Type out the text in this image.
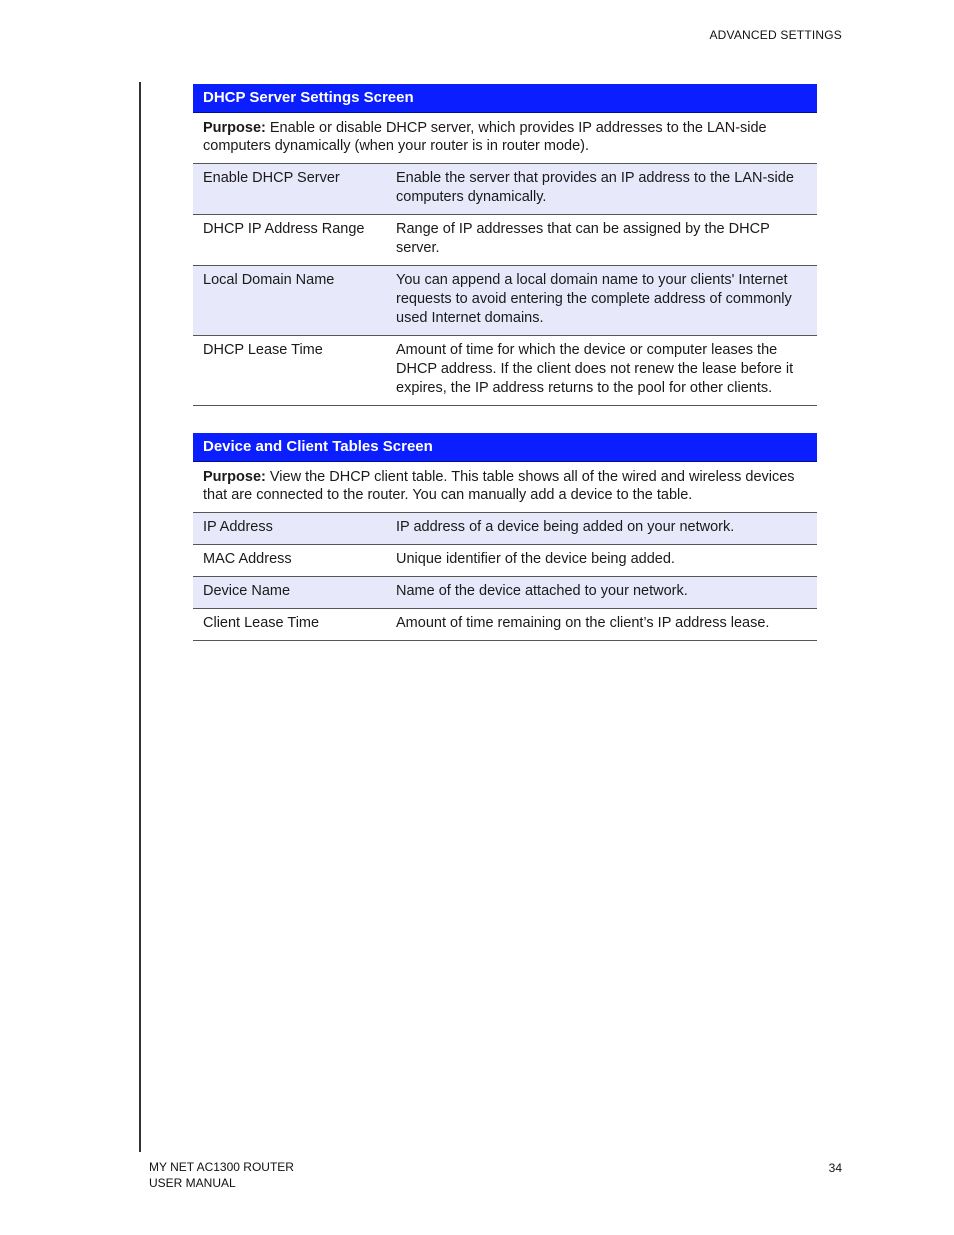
ADVANCED SETTINGS
DHCP Server Settings Screen
Purpose: Enable or disable DHCP server, which provides IP addresses to the LAN-side computers dynamically (when your router is in router mode).
Enable DHCP Server	Enable the server that provides an IP address to the LAN-side computers dynamically.
DHCP IP Address Range	Range of IP addresses that can be assigned by the DHCP server.
Local Domain Name	You can append a local domain name to your clients' Internet requests to avoid entering the complete address of commonly used Internet domains.
DHCP Lease Time	Amount of time for which the device or computer leases the DHCP address. If the client does not renew the lease before it expires, the IP address returns to the pool for other clients.
Device and Client Tables Screen
Purpose: View the DHCP client table. This table shows all of the wired and wireless devices that are connected to the router. You can manually add a device to the table.
IP Address	IP address of a device being added on your network.
MAC Address	Unique identifier of the device being added.
Device Name	Name of the device attached to your network.
Client Lease Time	Amount of time remaining on the client’s IP address lease.
MY NET AC1300 ROUTER
USER MANUAL
34
